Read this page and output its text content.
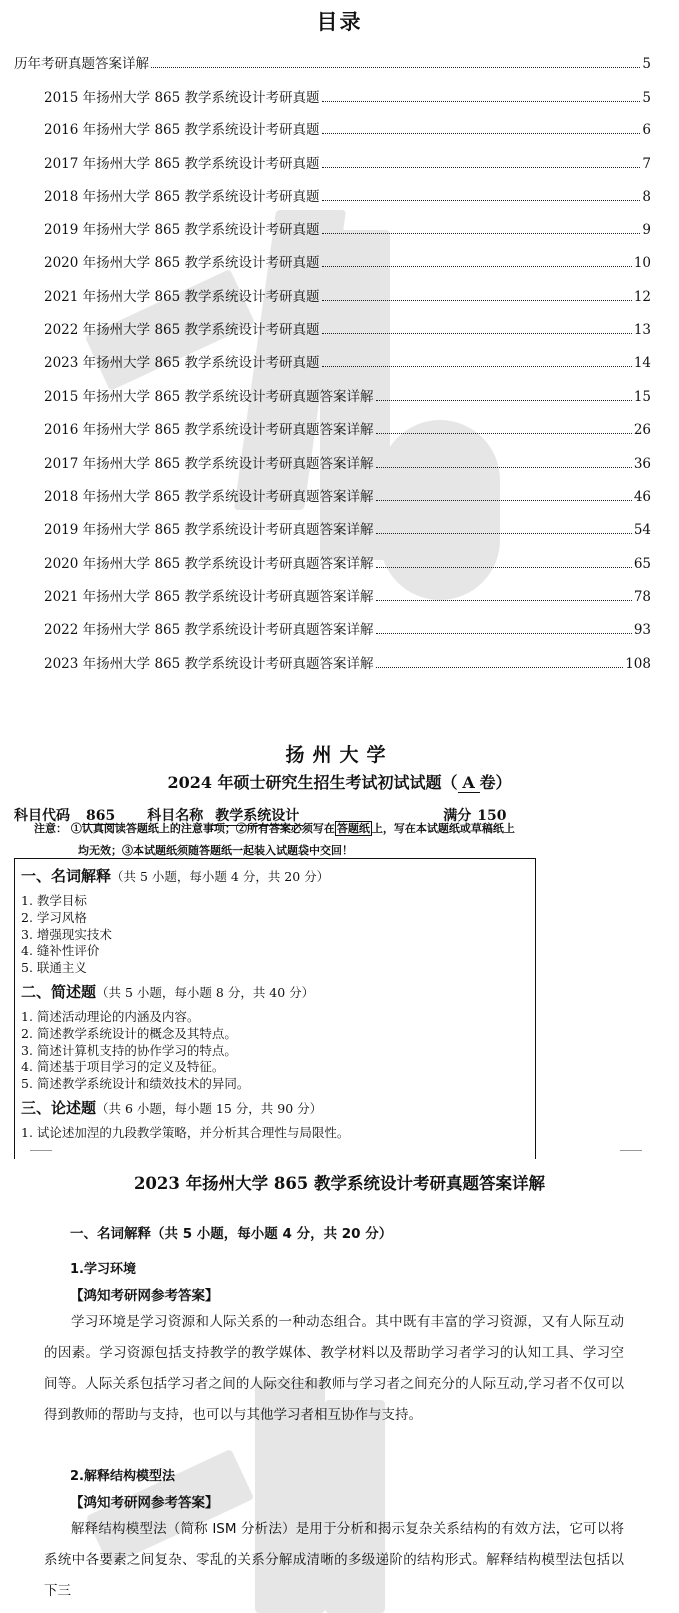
目录
历年考研真题答案详解	5
2015 年扬州大学 865 教学系统设计考研真题	5
2016 年扬州大学 865 教学系统设计考研真题	6
2017 年扬州大学 865 教学系统设计考研真题	7
2018 年扬州大学 865 教学系统设计考研真题	8
2019 年扬州大学 865 教学系统设计考研真题	9
2020 年扬州大学 865 教学系统设计考研真题	10
2021 年扬州大学 865 教学系统设计考研真题	12
2022 年扬州大学 865 教学系统设计考研真题	13
2023 年扬州大学 865 教学系统设计考研真题	14
2015 年扬州大学 865 教学系统设计考研真题答案详解	15
2016 年扬州大学 865 教学系统设计考研真题答案详解	26
2017 年扬州大学 865 教学系统设计考研真题答案详解	36
2018 年扬州大学 865 教学系统设计考研真题答案详解	46
2019 年扬州大学 865 教学系统设计考研真题答案详解	54
2020 年扬州大学 865 教学系统设计考研真题答案详解	65
2021 年扬州大学 865 教学系统设计考研真题答案详解	78
2022 年扬州大学 865 教学系统设计考研真题答案详解	93
2023 年扬州大学 865 教学系统设计考研真题答案详解	108
扬州大学
2024 年硕士研究生招生考试初试试题（ A 卷）
科目代码 865 科目名称 教学系统设计	满分 150
注意： ①认真阅读答题纸上的注意事项；②所有答案必须写在 答题纸 上，写在本试题纸或草稿纸上
均无效；③本试题纸须随答题纸一起装入试题袋中交回！
一、名词解释（共 5 小题，每小题 4 分，共 20 分）
1. 教学目标
2. 学习风格
3. 增强现实技术
4. 缝补性评价
5. 联通主义
二、简述题（共 5 小题，每小题 8 分，共 40 分）
1. 简述活动理论的内涵及内容。
2. 简述教学系统设计的概念及其特点。
3. 简述计算机支持的协作学习的特点。
4. 简述基于项目学习的定义及特征。
5. 简述教学系统设计和绩效技术的异同。
三、论述题（共 6 小题，每小题 15 分，共 90 分）
1. 试论述加涅的九段教学策略，并分析其合理性与局限性。
2023 年扬州大学 865 教学系统设计考研真题答案详解
一、名词解释（共 5 小题，每小题 4 分，共 20 分）
1.学习环境
【鸿知考研网参考答案】
学习环境是学习资源和人际关系的一种动态组合。其中既有丰富的学习资源，又有人际互动的因素。学习资源包括支持教学的教学媒体、教学材料以及帮助学习者学习的认知工具、学习空间等。人际关系包括学习者之间的人际交往和教师与学习者之间充分的人际互动,学习者不仅可以得到教师的帮助与支持，也可以与其他学习者相互协作与支持。
2.解释结构模型法
【鸿知考研网参考答案】
解释结构模型法（简称 ISM 分析法）是用于分析和揭示复杂关系结构的有效方法，它可以将系统中各要素之间复杂、零乱的关系分解成清晰的多级递阶的结构形式。解释结构模型法包括以下三
